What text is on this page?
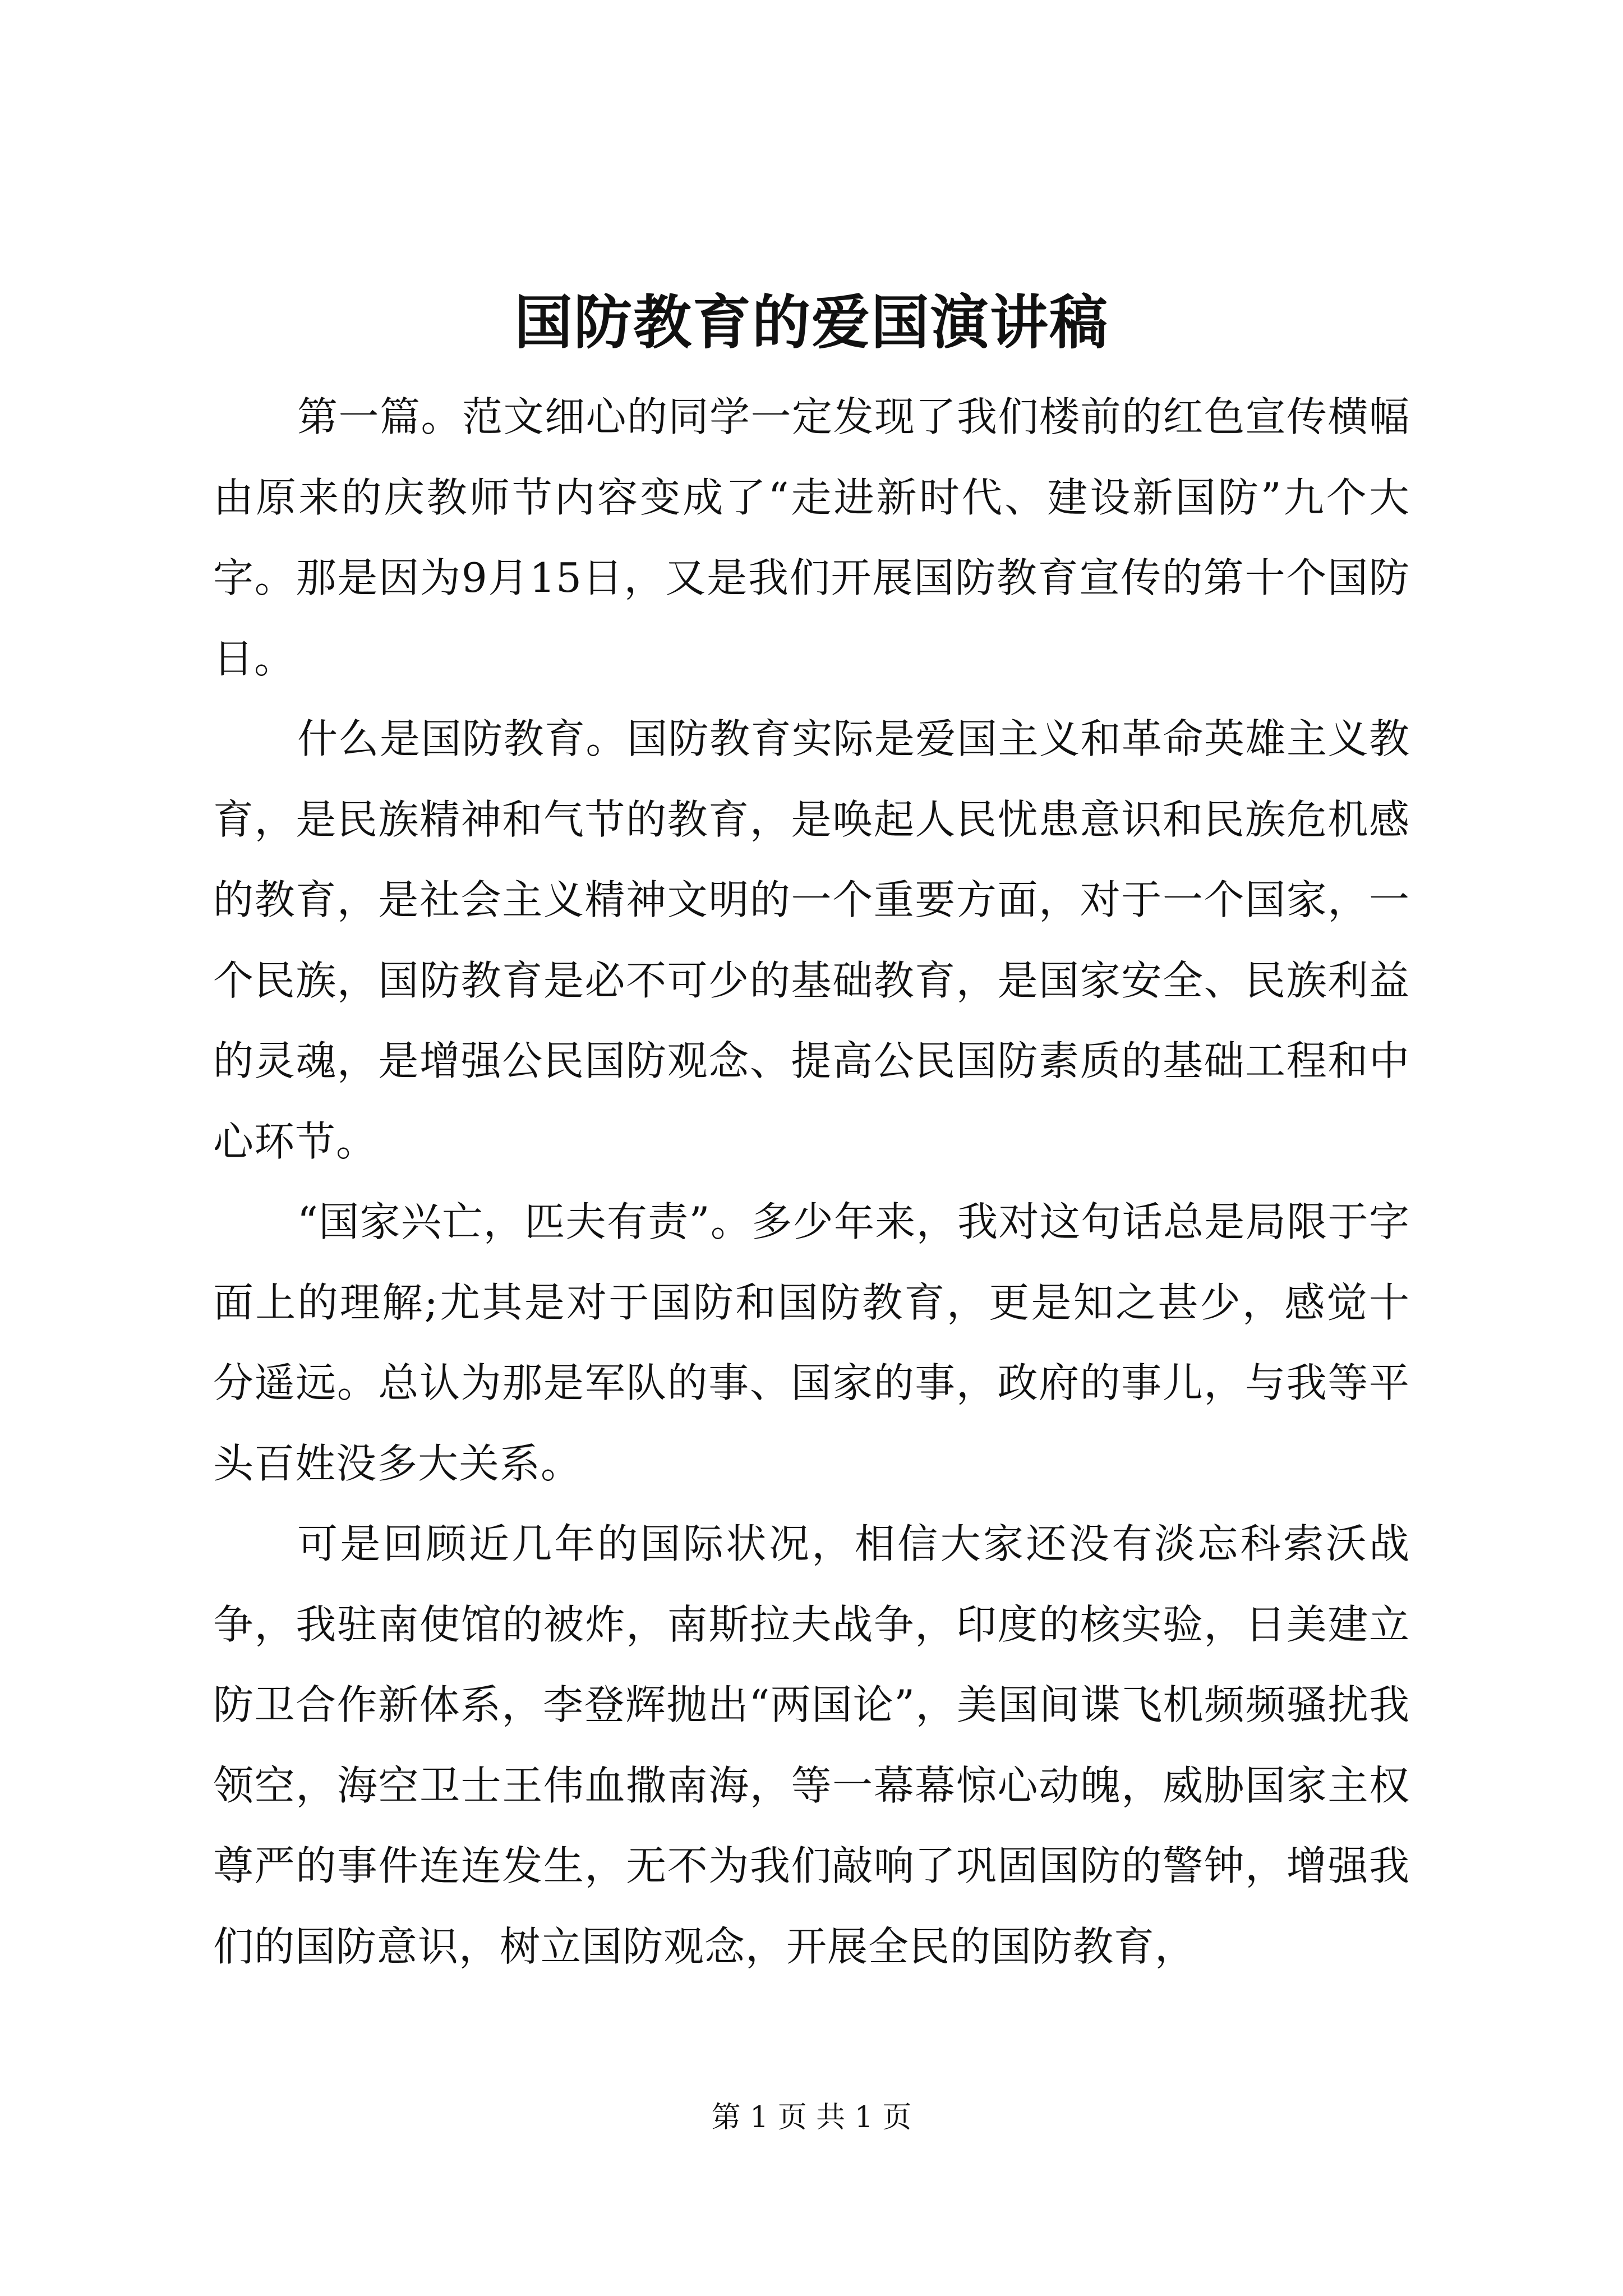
国防教育的爱国演讲稿

第一篇。范文细心的同学一定发现了我们楼前的红色宣传横幅由原来的庆教师节内容变成了“走进新时代、建设新国防”九个大字。那是因为9月15日，又是我们开展国防教育宣传的第十个国防日。

什么是国防教育。国防教育实际是爱国主义和革命英雄主义教育，是民族精神和气节的教育，是唤起人民忧患意识和民族危机感的教育，是社会主义精神文明的一个重要方面，对于一个国家，一个民族，国防教育是必不可少的基础教育，是国家安全、民族利益的灵魂，是增强公民国防观念、提高公民国防素质的基础工程和中心环节。

“国家兴亡，匹夫有责”。多少年来，我对这句话总是局限于字面上的理解;尤其是对于国防和国防教育，更是知之甚少，感觉十分遥远。总认为那是军队的事、国家的事，政府的事儿，与我等平头百姓没多大关系。

可是回顾近几年的国际状况，相信大家还没有淡忘科索沃战争，我驻南使馆的被炸，南斯拉夫战争，印度的核实验，日美建立防卫合作新体系，李登辉抛出“两国论”，美国间谍飞机频频骚扰我领空，海空卫士王伟血撒南海，等一幕幕惊心动魄，威胁国家主权尊严的事件连连发生，无不为我们敲响了巩固国防的警钟，增强我们的国防意识，树立国防观念，开展全民的国防教育，

第 1 页 共 1 页
